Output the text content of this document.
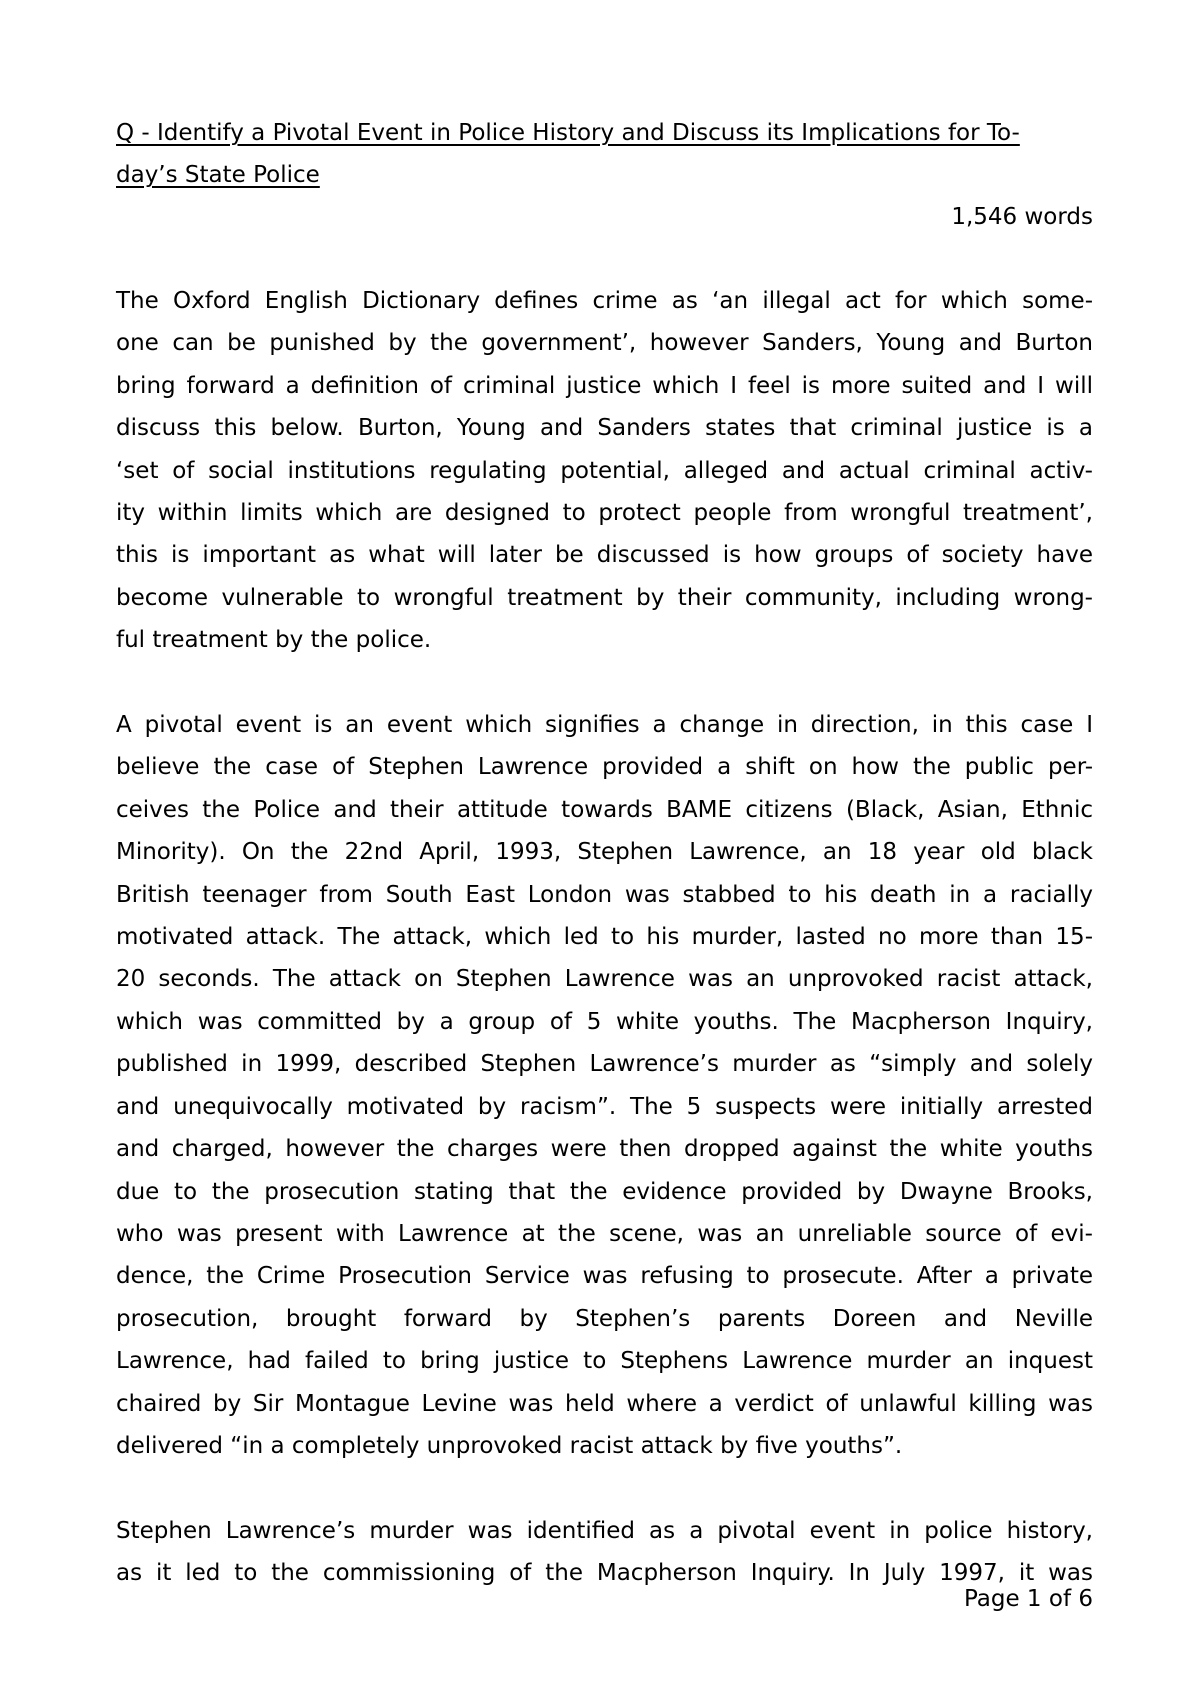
Q - Identify a Pivotal Event in Police History and Discuss its Implications for To-
day’s State Police
1,546 words
The Oxford English Dictionary defines crime as ‘an illegal act for which some-
one can be punished by the government’, however Sanders, Young and Burton
bring forward a definition of criminal justice which I feel is more suited and I will
discuss this below. Burton, Young and Sanders states that criminal justice is a
‘set of social institutions regulating potential, alleged and actual criminal activ-
ity within limits which are designed to protect people from wrongful treatment’,
this is important as what will later be discussed is how groups of society have
become vulnerable to wrongful treatment by their community, including wrong-
ful treatment by the police.
A pivotal event is an event which signifies a change in direction, in this case I
believe the case of Stephen Lawrence provided a shift on how the public per-
ceives the Police and their attitude towards BAME citizens (Black, Asian, Ethnic
Minority). On the 22nd April, 1993, Stephen Lawrence, an 18 year old black
British teenager from South East London was stabbed to his death in a racially
motivated attack. The attack, which led to his murder, lasted no more than 15-
20 seconds. The attack on Stephen Lawrence was an unprovoked racist attack,
which was committed by a group of 5 white youths. The Macpherson Inquiry,
published in 1999, described Stephen Lawrence’s murder as “simply and solely
and unequivocally motivated by racism”. The 5 suspects were initially arrested
and charged, however the charges were then dropped against the white youths
due to the prosecution stating that the evidence provided by Dwayne Brooks,
who was present with Lawrence at the scene, was an unreliable source of evi-
dence, the Crime Prosecution Service was refusing to prosecute. After a private
prosecution, brought forward by Stephen’s parents Doreen and Neville
Lawrence, had failed to bring justice to Stephens Lawrence murder an inquest
chaired by Sir Montague Levine was held where a verdict of unlawful killing was
delivered “in a completely unprovoked racist attack by five youths”.
Stephen Lawrence’s murder was identified as a pivotal event in police history,
as it led to the commissioning of the Macpherson Inquiry. In July 1997, it was
Page 1 of 6
